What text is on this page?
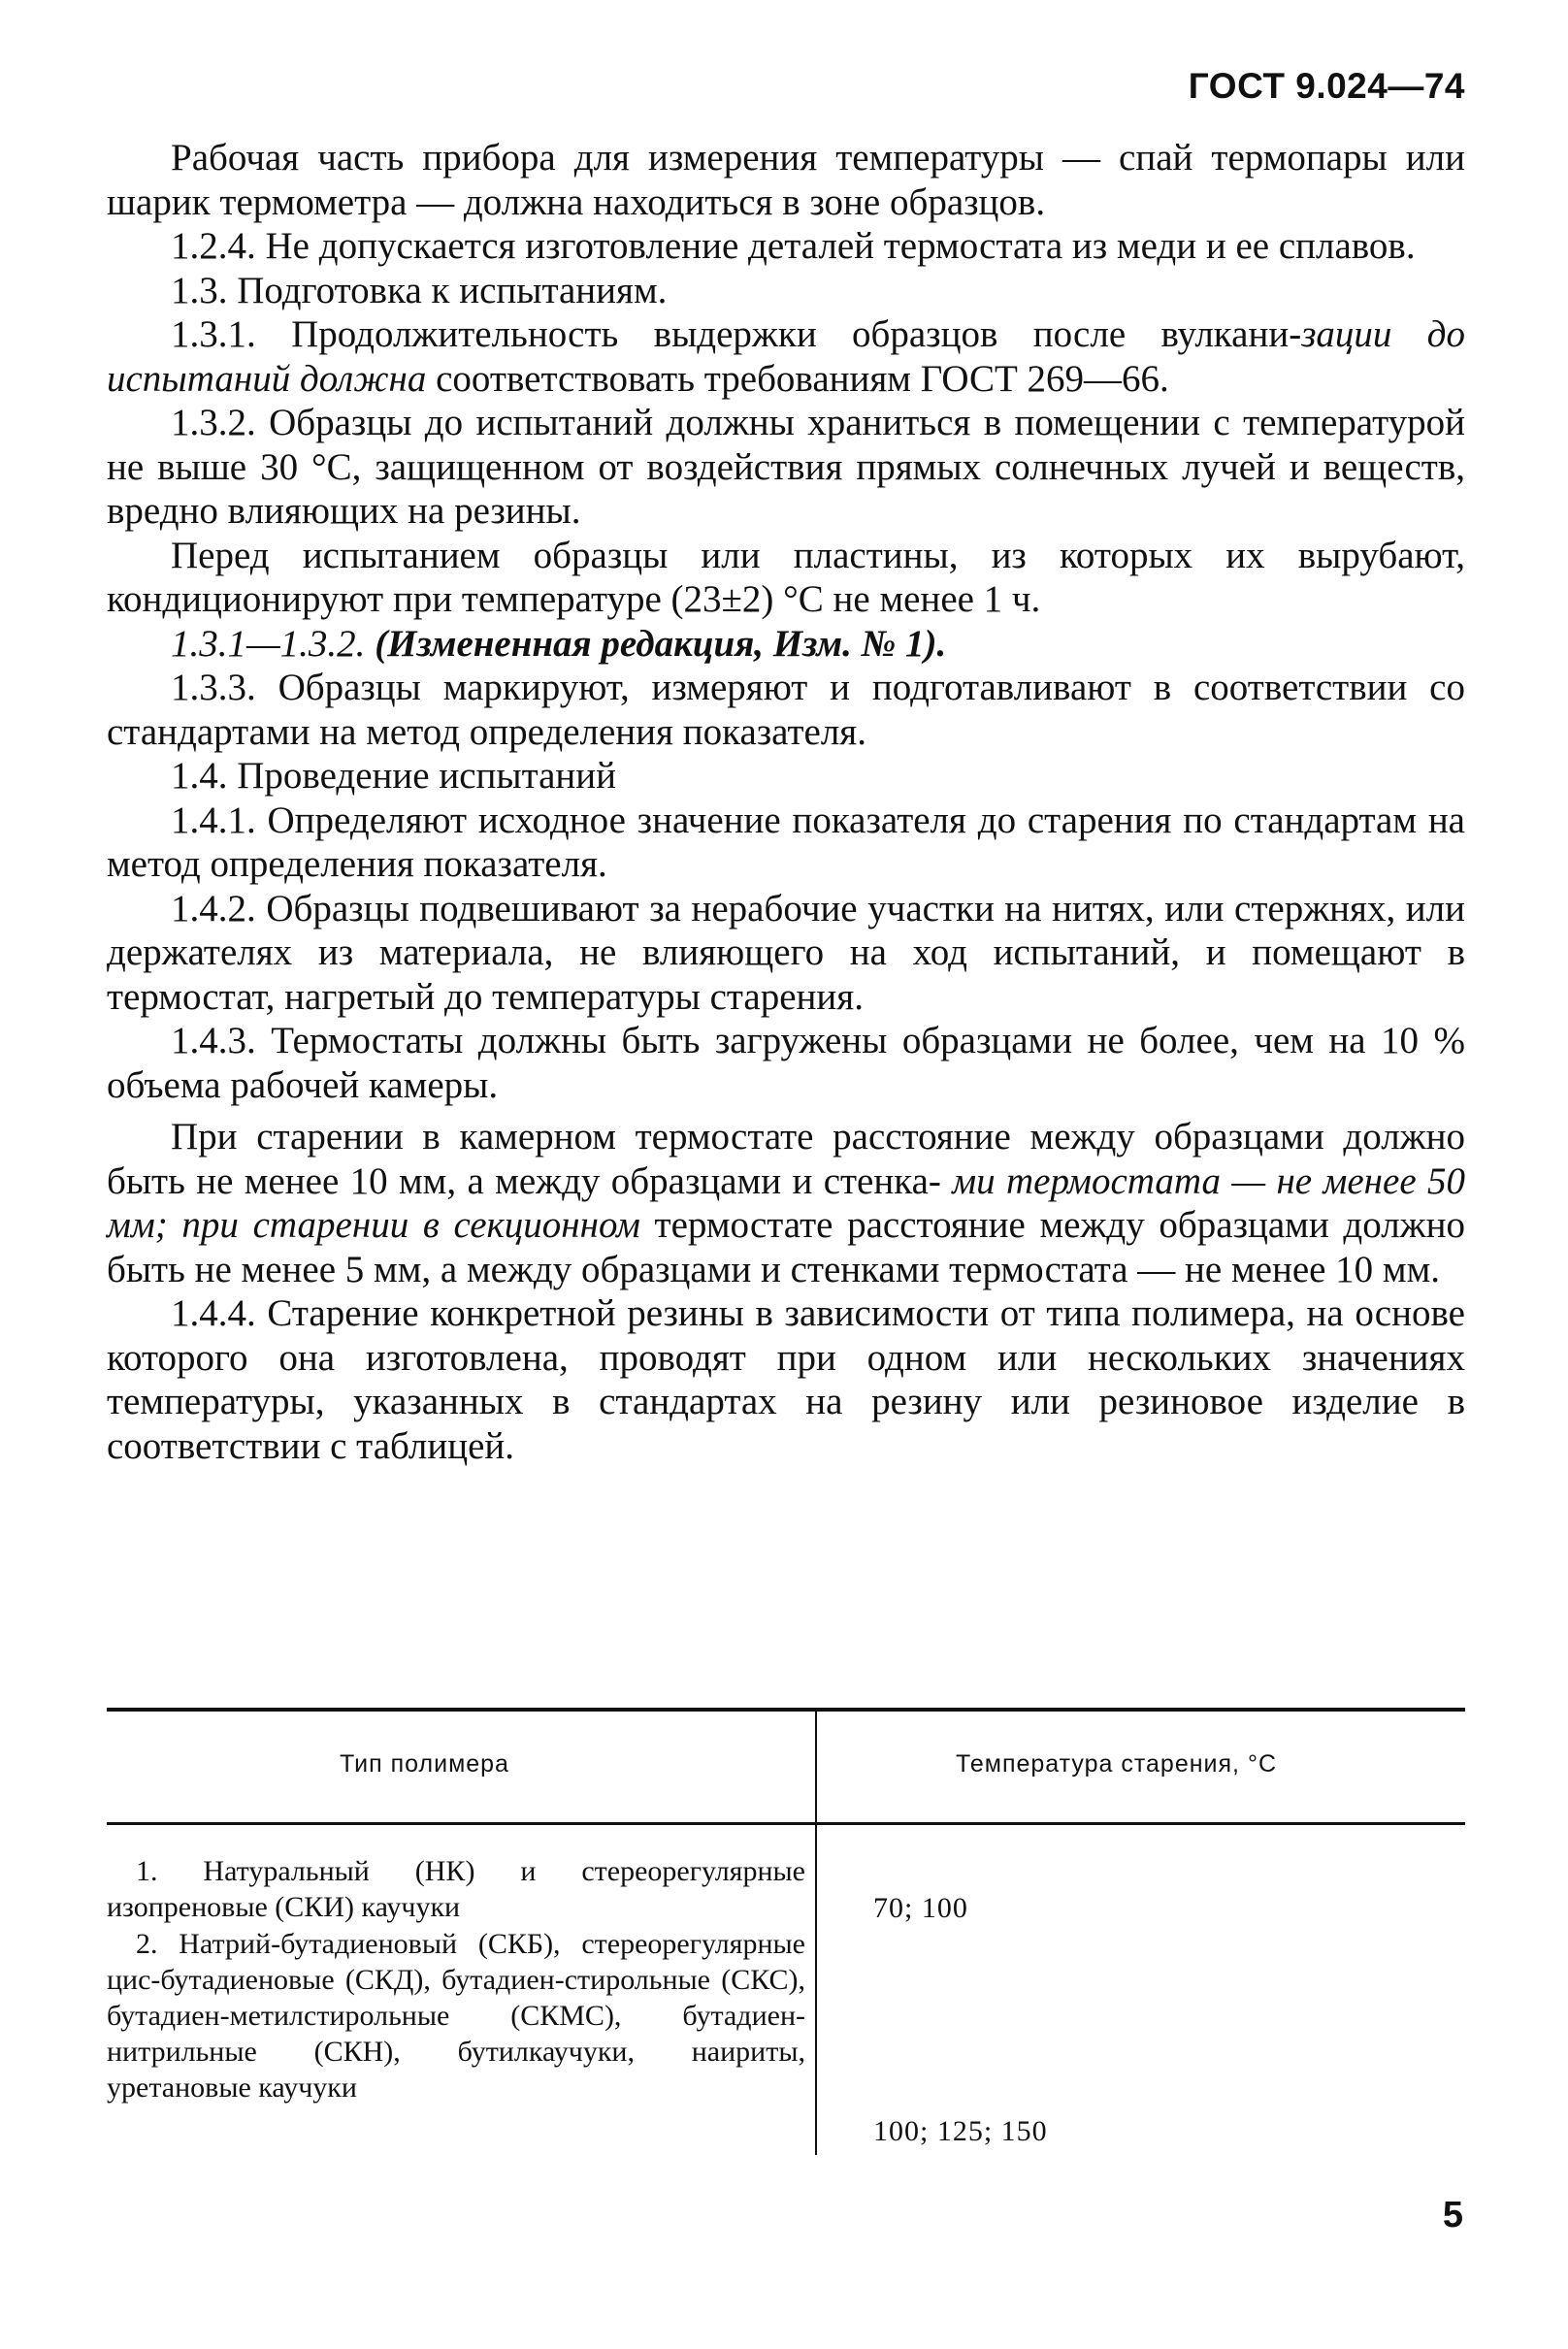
ГОСТ 9.024—74

Рабочая часть прибора для измерения температуры — спай термопары или шарик термометра — должна находиться в зоне образцов.

1.2.4. Не допускается изготовление деталей термостата из меди и ее сплавов.

1.3. Подготовка к испытаниям.

1.3.1. Продолжительность выдержки образцов после вулкани-зации до испытаний должна соответствовать требованиям ГОСТ 269—66.

1.3.2. Образцы до испытаний должны храниться в помещении с температурой не выше 30 °С, защищенном от воздействия прямых солнечных лучей и веществ, вредно влияющих на резины.

Перед испытанием образцы или пластины, из которых их вырубают, кондиционируют при температуре (23±2) °С не менее 1 ч.

1.3.1—1.3.2. (Измененная редакция, Изм. № 1).

1.3.3. Образцы маркируют, измеряют и подготавливают в соответствии со стандартами на метод определения показателя.

1.4. Проведение испытаний

1.4.1. Определяют исходное значение показателя до старения по стандартам на метод определения показателя.

1.4.2. Образцы подвешивают за нерабочие участки на нитях, или стержнях, или держателях из материала, не влияющего на ход испытаний, и помещают в термостат, нагретый до температуры старения.

1.4.3. Термостаты должны быть загружены образцами не более, чем на 10 % объема рабочей камеры.

При старении в камерном термостате расстояние между образцами должно быть не менее 10 мм, а между образцами и стенка- ми термостата — не менее 50 мм; при старении в секционном термостате расстояние между образцами должно быть не менее 5 мм, а между образцами и стенками термостата — не менее 10 мм.

1.4.4. Старение конкретной резины в зависимости от типа полимера, на основе которого она изготовлена, проводят при одном или нескольких значениях температуры, указанных в стандартах на резину или резиновое изделие в соответствии с таблицей.

Тип полимера	Температура старения, °С

1. Натуральный (НК) и стереорегулярные изопреновые (СКИ) каучуки	70; 100

2. Натрий-бутадиеновый (СКБ), стереорегулярные цис-бутадиеновые (СКД), бутадиен-стирольные (СКС), бутадиен-метилстирольные (СКМС), бутадиен-нитрильные (СКН), бутилкаучуки, наириты, уретановые каучуки

100; 125; 150
5
